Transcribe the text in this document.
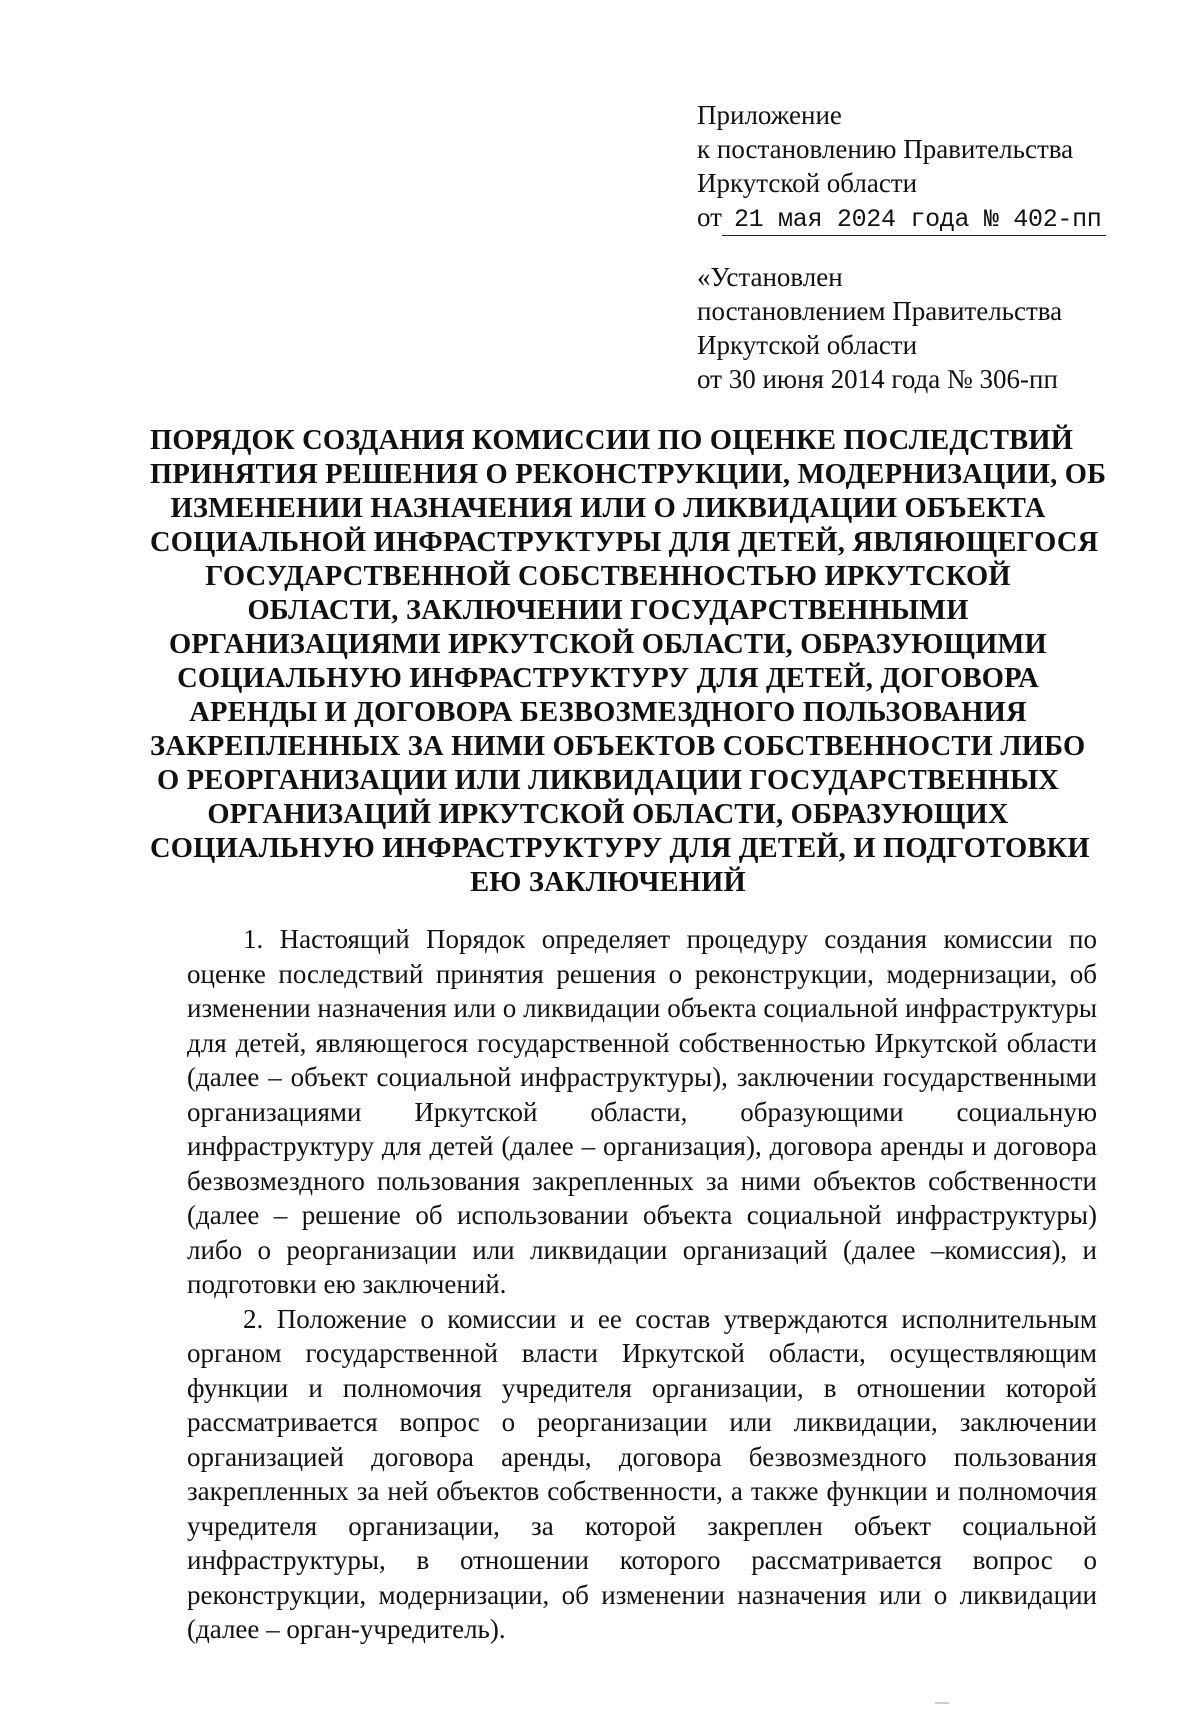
Приложение
к постановлению Правительства
Иркутской области
от 21 мая 2024 года № 402-пп
«Установлен
постановлением Правительства
Иркутской области
от 30 июня 2014 года № 306-пп
ПОРЯДОК СОЗДАНИЯ КОМИССИИ ПО ОЦЕНКЕ ПОСЛЕДСТВИЙ
ПРИНЯТИЯ РЕШЕНИЯ О РЕКОНСТРУКЦИИ, МОДЕРНИЗАЦИИ, ОБ
ИЗМЕНЕНИИ НАЗНАЧЕНИЯ ИЛИ О ЛИКВИДАЦИИ ОБЪЕКТА
СОЦИАЛЬНОЙ ИНФРАСТРУКТУРЫ ДЛЯ ДЕТЕЙ, ЯВЛЯЮЩЕГОСЯ
ГОСУДАРСТВЕННОЙ СОБСТВЕННОСТЬЮ ИРКУТСКОЙ
ОБЛАСТИ, ЗАКЛЮЧЕНИИ ГОСУДАРСТВЕННЫМИ
ОРГАНИЗАЦИЯМИ ИРКУТСКОЙ ОБЛАСТИ, ОБРАЗУЮЩИМИ
СОЦИАЛЬНУЮ ИНФРАСТРУКТУРУ ДЛЯ ДЕТЕЙ, ДОГОВОРА
АРЕНДЫ И ДОГОВОРА БЕЗВОЗМЕЗДНОГО ПОЛЬЗОВАНИЯ
ЗАКРЕПЛЕННЫХ ЗА НИМИ ОБЪЕКТОВ СОБСТВЕННОСТИ ЛИБО
О РЕОРГАНИЗАЦИИ ИЛИ ЛИКВИДАЦИИ ГОСУДАРСТВЕННЫХ
ОРГАНИЗАЦИЙ ИРКУТСКОЙ ОБЛАСТИ, ОБРАЗУЮЩИХ
СОЦИАЛЬНУЮ ИНФРАСТРУКТУРУ ДЛЯ ДЕТЕЙ, И ПОДГОТОВКИ
ЕЮ ЗАКЛЮЧЕНИЙ

1. Настоящий Порядок определяет процедуру создания комиссии по
оценке последствий принятия решения о реконструкции, модернизации, об
изменении назначения или о ликвидации объекта социальной инфраструктуры
для детей, являющегося государственной собственностью Иркутской области
(далее – объект социальной инфраструктуры), заключении государственными
организациями Иркутской области, образующими социальную
инфраструктуру для детей (далее – организация), договора аренды и договора
безвозмездного пользования закрепленных за ними объектов собственности
(далее – решение об использовании объекта социальной инфраструктуры)
либо о реорганизации или ликвидации организаций (далее –комиссия), и
подготовки ею заключений.

2. Положение о комиссии и ее состав утверждаются исполнительным
органом государственной власти Иркутской области, осуществляющим
функции и полномочия учредителя организации, в отношении которой
рассматривается вопрос о реорганизации или ликвидации, заключении
организацией договора аренды, договора безвозмездного пользования
закрепленных за ней объектов собственности, а также функции и полномочия
учредителя организации, за которой закреплен объект социальной
инфраструктуры, в отношении которого рассматривается вопрос о
реконструкции, модернизации, об изменении назначения или о ликвидации
(далее – орган-учредитель).
